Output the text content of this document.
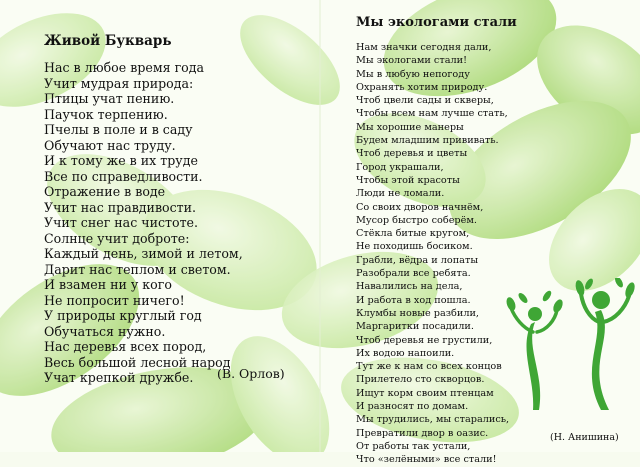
Живой Букварь
Нас в любое время года
Учит мудрая природа:
Птицы учат пению.
Паучок терпению.
Пчелы в поле и в саду
Обучают нас труду.
И к тому же в их труде
Все по справедливости.
Отражение в воде
Учит нас правдивости.
Учит снег нас чистоте.
Солнце учит доброте:
Каждый день, зимой и летом,
Дарит нас теплом и светом.
И взамен ни у кого
Не попросит ничего!
У природы круглый год
Обучаться нужно.
Нас деревья всех пород,
Весь большой лесной народ
Учат крепкой дружбе.	(В. Орлов)
Мы экологами стали
Нам значки сегодня дали,
Мы экологами стали!
Мы в любую непогоду
Охранять хотим природу.
Чтоб цвели сады и скверы,
Чтобы всем нам лучше стать,
Мы хорошие манеры
Будем младшим прививать.
Чтоб деревья и цветы
Город украшали,
Чтобы этой красоты
Люди не ломали.
Со своих дворов начнём,
Мусор быстро соберём.
Стёкла битые кругом,
Не походишь босиком.
Грабли, вёдра и лопаты
Разобрали все ребята.
Навалились на дела,
И работа в ход пошла.
Клумбы новые разбили,
Маргаритки посадили.
Чтоб деревья не грустили,
Их водою напоили.
Тут же к нам со всех концов
Прилетело сто скворцов.
Ищут корм своим птенцам
И разносят по домам.
Мы трудились, мы старались,
Превратили двор в оазис.
От работы так устали,
Что «зелёными» все стали!
(Н. Анишина)
